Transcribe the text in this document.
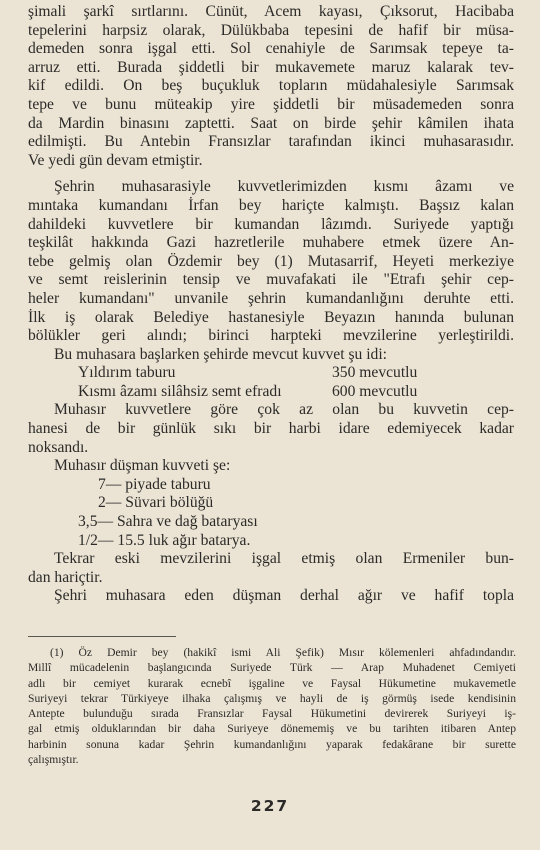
şimali şarkî sırtlarını. Cünüt, Acem kayası, Çıksorut, Hacibaba
tepelerini harpsiz olarak, Dülükbaba tepesini de hafif bir müsa-
demeden sonra işgal etti. Sol cenahiyle de Sarımsak tepeye ta-
arruz etti. Burada şiddetli bir mukavemete maruz kalarak tev-
kif edildi. On beş buçukluk topların müdahalesiyle Sarımsak
tepe ve bunu müteakip yire şiddetli bir müsademeden sonra
da Mardin binasını zaptetti. Saat on birde şehir kâmilen ihata
edilmişti. Bu Antebin Fransızlar tarafından ikinci muhasarasıdır.
Ve yedi gün devam etmiştir.
Şehrin muhasarasiyle kuvvetlerimizden kısmı âzamı ve
mıntaka kumandanı İrfan bey hariçte kalmıştı. Başsız kalan
dahildeki kuvvetlere bir kumandan lâzımdı. Suriyede yaptığı
teşkilât hakkında Gazi hazretlerile muhabere etmek üzere An-
tebe gelmiş olan Özdemir bey (1) Mutasarrif, Heyeti merkeziye
ve semt reislerinin tensip ve muvafakati ile "Etrafı şehir cep-
heler kumandanı" unvanile şehrin kumandanlığını deruhte etti.
İlk iş olarak Belediye hastanesiyle Beyazın hanında bulunan
bölükler geri alındı; birinci harpteki mevzilerine yerleştirildi.
Bu muhasara başlarken şehirde mevcut kuvvet şu idi:
Yıldırım taburu	350 mevcutlu
Kısmı âzamı silâhsiz semt efradı	600 mevcutlu
Muhasır kuvvetlere göre çok az olan bu kuvvetin cep-
hanesi de bir günlük sıkı bir harbi idare edemiyecek kadar
noksandı.
Muhasır düşman kuvveti şe:
7— piyade taburu
2— Süvari bölüğü
3,5— Sahra ve dağ bataryası
1/2— 15.5 luk ağır batarya.
Tekrar eski mevzilerini işgal etmiş olan Ermeniler bun-
dan hariçtir.
Şehri muhasara eden düşman derhal ağır ve hafif topla
(1) Öz Demir bey (hakikî ismi Ali Şefik) Mısır kölemenleri ahfadındandır.
Millî mücadelenin başlangıcında Suriyede Türk — Arap Muhadenet Cemiyeti
adlı bir cemiyet kurarak ecnebî işgaline ve Faysal Hükumetine mukavemetle
Suriyeyi tekrar Türkiyeye ilhaka çalışmış ve hayli de iş görmüş isede kendisinin
Antepte bulunduğu sırada Fransızlar Faysal Hükumetini devirerek Suriyeyi iş-
gal etmiş olduklarından bir daha Suriyeye dönememiş ve bu tarihten itibaren Antep
harbinin sonuna kadar Şehrin kumandanlığını yaparak fedakârane bir surette
çalışmıştır.
227
